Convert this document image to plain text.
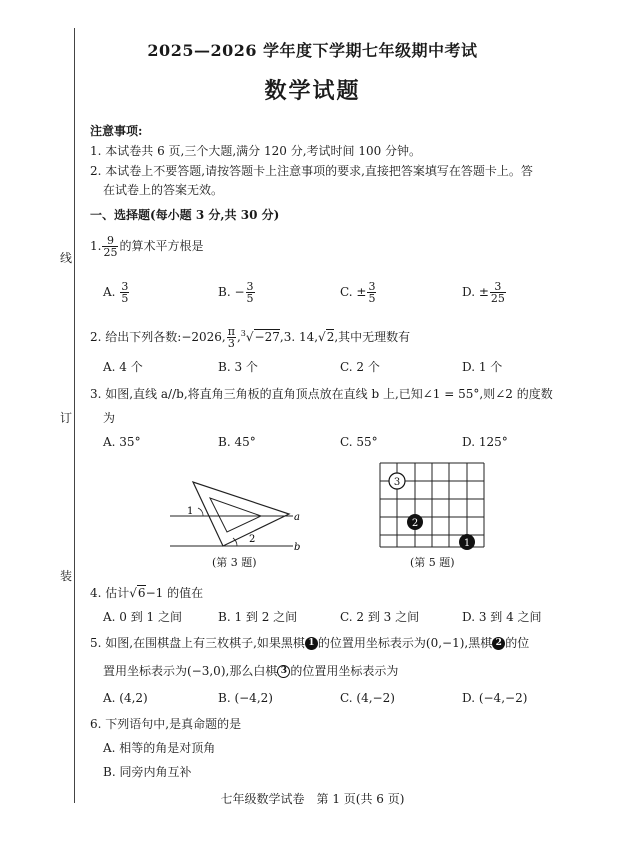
线
订
装
2025—2026 学年度下学期七年级期中考试
数学试题
注意事项:
1. 本试卷共 6 页,三个大题,满分 120 分,考试时间 100 分钟。
2. 本试卷上不要答题,请按答题卡上注意事项的要求,直接把答案填写在答题卡上。答
在试卷上的答案无效。
一、选择题(每小题 3 分,共 30 分)
1. $\frac{9}{25}$ 的算术平方根是
A. $\frac{3}{5}$	B. − $\frac{3}{5}$	C. ± $\frac{3}{5}$	D. ± $\frac{3}{25}$
2. 给出下列各数:−2026, $\frac{\pi}{3} ,^3√-27,3$. 14,√2,其中无理数有
A. 4 个	B. 3 个	C. 2 个	D. 1 个
3. 如图,直线 a//b,将直角三角板的直角顶点放在直线 b 上,已知∠1 = 55°,则∠2 的度数
为
A. 35°	B. 45°	C. 55°	D. 125°
1
2
a
b
(第 3 题)
3
2
1
(第 5 题)
4. 估计√6−1 的值在
A. 0 到 1 之间	B. 1 到 2 之间	C. 2 到 3 之间	D. 3 到 4 之间
5. 如图,在围棋盘上有三枚棋子,如果黑棋 1 的位置用坐标表示为(0,−1),黑棋 2 的位
置用坐标表示为(−3,0),那么白棋 3 的位置用坐标表示为
A. (4,2)	B. (−4,2)	C. (4,−2)	D. (−4,−2)
6. 下列语句中,是真命题的是
A. 相等的角是对顶角
B. 同旁内角互补
七年级数学试卷　第 1 页(共 6 页)
